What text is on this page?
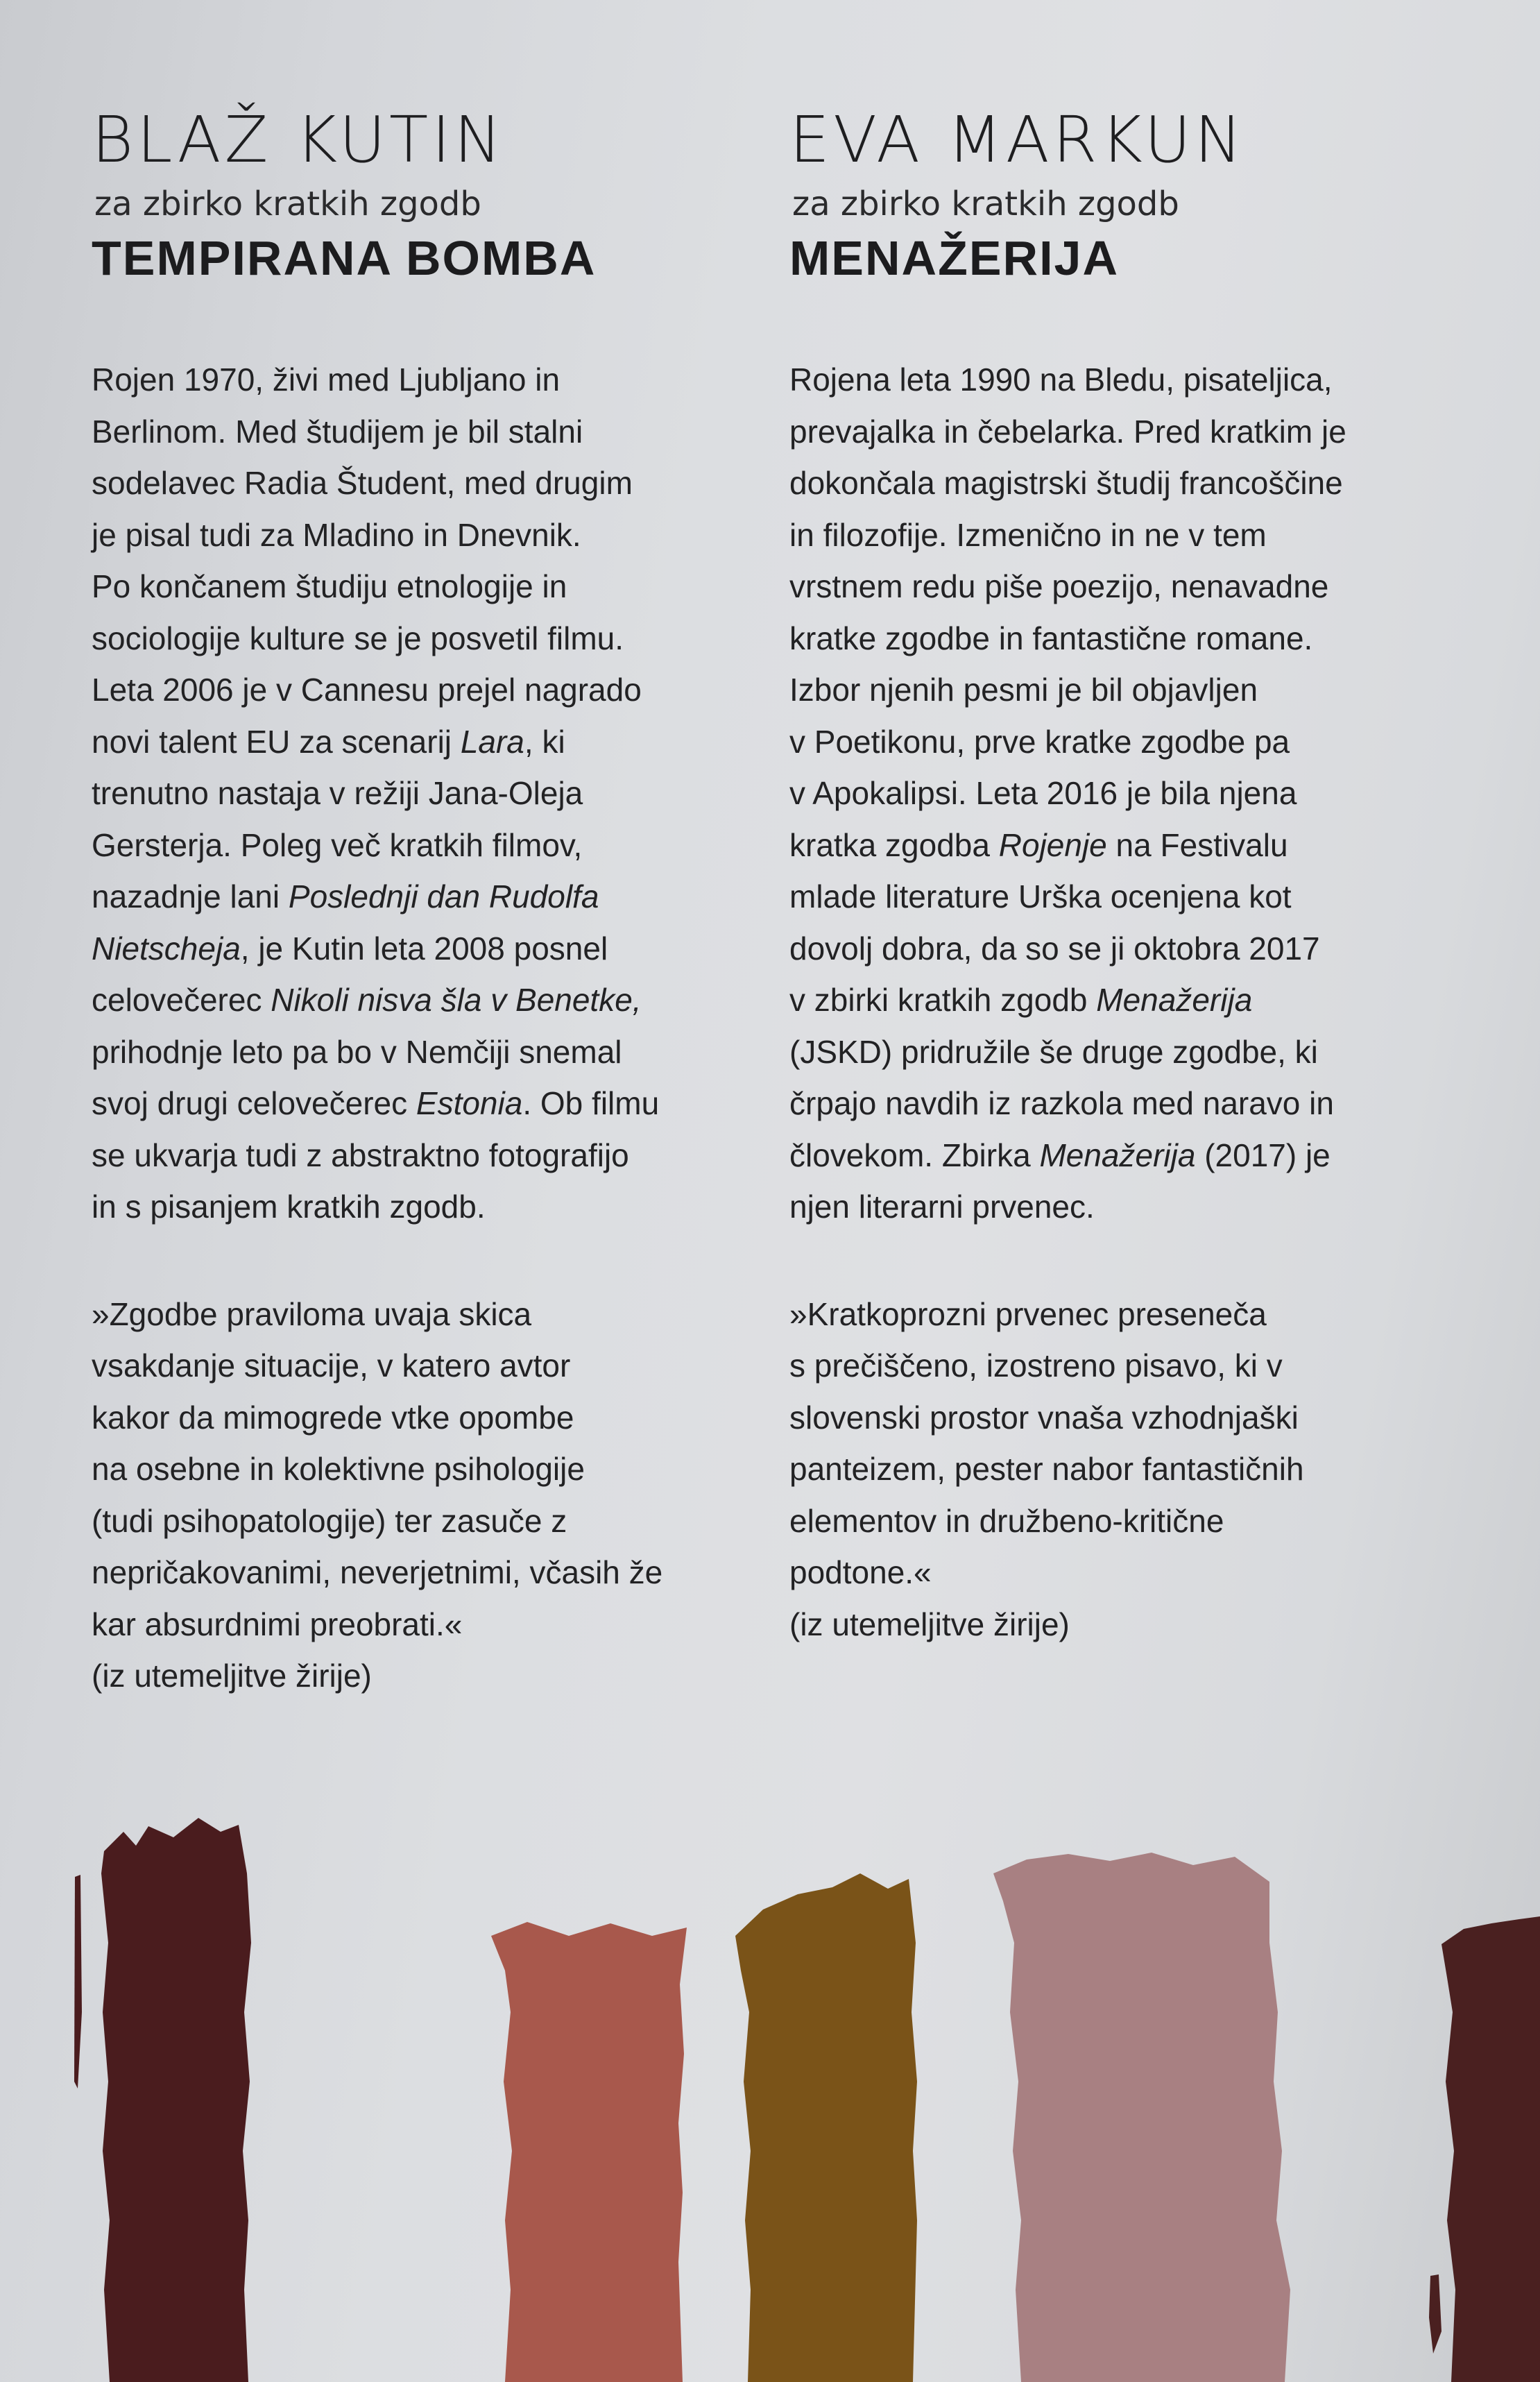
BLAŽ KUTIN

za zbirko kratkih zgodb

TEMPIRANA BOMBA

Rojen 1970, živi med Ljubljano in
Berlinom. Med študijem je bil stalni
sodelavec Radia Študent, med drugim
je pisal tudi za Mladino in Dnevnik.
Po končanem študiju etnologije in
sociologije kulture se je posvetil filmu.
Leta 2006 je v Cannesu prejel nagrado
novi talent EU za scenarij Lara, ki
trenutno nastaja v režiji Jana-Oleja
Gersterja. Poleg več kratkih filmov,
nazadnje lani Poslednji dan Rudolfa
Nietscheja, je Kutin leta 2008 posnel
celovečerec Nikoli nisva šla v Benetke,
prihodnje leto pa bo v Nemčiji snemal
svoj drugi celovečerec Estonia. Ob filmu
se ukvarja tudi z abstraktno fotografijo
in s pisanjem kratkih zgodb.

»Zgodbe praviloma uvaja skica
vsakdanje situacije, v katero avtor
kakor da mimogrede vtke opombe
na osebne in kolektivne psihologije
(tudi psihopatologije) ter zasuče z
nepričakovanimi, neverjetnimi, včasih že
kar absurdnimi preobrati.«
(iz utemeljitve žirije)

EVA MARKUN

za zbirko kratkih zgodb

MENAŽERIJA

Rojena leta 1990 na Bledu, pisateljica,
prevajalka in čebelarka. Pred kratkim je
dokončala magistrski študij francoščine
in filozofije. Izmenično in ne v tem
vrstnem redu piše poezijo, nenavadne
kratke zgodbe in fantastične romane.
Izbor njenih pesmi je bil objavljen
v Poetikonu, prve kratke zgodbe pa
v Apokalipsi. Leta 2016 je bila njena
kratka zgodba Rojenje na Festivalu
mlade literature Urška ocenjena kot
dovolj dobra, da so se ji oktobra 2017
v zbirki kratkih zgodb Menažerija
(JSKD) pridružile še druge zgodbe, ki
črpajo navdih iz razkola med naravo in
človekom. Zbirka Menažerija (2017) je
njen literarni prvenec.

»Kratkoprozni prvenec preseneča
s prečiščeno, izostreno pisavo, ki v
slovenski prostor vnaša vzhodnjaški
panteizem, pester nabor fantastičnih
elementov in družbeno-kritične
podtone.«
(iz utemeljitve žirije)
